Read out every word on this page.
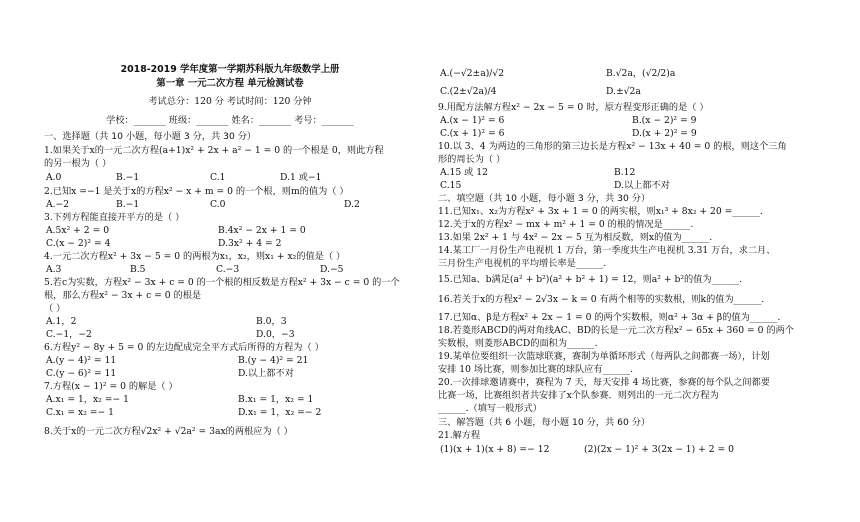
2018-2019 学年度第一学期苏科版九年级数学上册
第一章 一元二次方程 单元检测试卷
考试总分：120 分 考试时间：120 分钟
学校：_______ 班级：_______ 姓名：_______ 考号：_______
一、选择题（共 10 小题，每小题 3 分，共 30 分）
1.如果关于x的一元二次方程(a+1)x² + 2x + a² − 1 = 0 的一个根是 0，则此方程
的另一根为（ ）
A.0	B.−1	C.1	D.1 或−1
2.已知x =−1 是关于x的方程x² − x + m = 0 的一个根，则m的值为（ ）
A.−2	B.−1	C.0	D.2
3.下列方程能直接开平方的是（ ）
A.5x² + 2 = 0	B.4x² − 2x + 1 = 0
C.(x − 2)² = 4	D.3x² + 4 = 2
4.一元二次方程x² + 3x − 5 = 0 的两根为x₁，x₂，则x₁ + x₂的值是（ ）
A.3	B.5	C.−3	D.−5
5.若c为实数，方程x² − 3x + c = 0 的一个根的相反数是方程x² + 3x − c = 0 的一个
根，那么方程x² − 3x + c = 0 的根是
（ ）
A.1，2	B.0，3
C.−1，−2	D.0，−3
6.方程y² − 8y + 5 = 0 的左边配成完全平方式后所得的方程为（ ）
A.(y − 4)² = 11	B.(y − 4)² = 21
C.(y − 6)² = 11	D.以上都不对
7.方程(x − 1)² = 0 的解是（ ）
A.x₁ = 1，x₂ =− 1	B.x₁ = 1，x₂ = 1
C.x₁ = x₂ =− 1	D.x₁ = 1，x₂ =− 2
8.关于x的一元二次方程√2x² + √2a² = 3ax的两根应为（ ）
A.(−√2±a)/√2	B.√2a，(√2/2)a
C.(2±√2a)/4	D.±√2a
9.用配方法解方程x² − 2x − 5 = 0 时，原方程变形正确的是（ ）
A.(x − 1)² = 6	B.(x − 2)² = 9
C.(x + 1)² = 6	D.(x + 2)² = 9
10.以 3、4 为两边的三角形的第三边长是方程x² − 13x + 40 = 0 的根，则这个三角
形的周长为（ ）
A.15 或 12	B.12
C.15	D.以上都不对
二、填空题（共 10 小题，每小题 3 分，共 30 分）
11.已知x₁、x₂为方程x² + 3x + 1 = 0 的两实根，则x₁³ + 8x₂ + 20 =______.
12.关于x的方程x² − mx + m² + 1 = 0 的根的情况是______.
13.如果 2x² + 1 与 4x² − 2x − 5 互为相反数，则x的值为______.
14.某工厂一月份生产电视机 1 万台，第一季度共生产电视机 3.31 万台，求二月、
三月份生产电视机的平均增长率是______.
15.已知a、b满足(a² + b²)(a² + b² + 1) = 12，则a² + b²的值为______.
16.若关于x的方程x² − 2√3x − k = 0 有两个相等的实数根，则k的值为______.
17.已知α、β是方程x² + 2x − 1 = 0 的两个实数根，则α² + 3α + β的值为______.
18.若菱形ABCD的两对角线AC、BD的长是一元二次方程x² − 65x + 360 = 0 的两个
实数根，则菱形ABCD的面积为______.
19.某单位要组织一次篮球联赛，赛制为单循环形式（每两队之间都赛一场），计划
安排 10 场比赛，则参加比赛的球队应有______.
20.一次排球邀请赛中，赛程为 7 天，每天安排 4 场比赛，参赛的每个队之间都要
比赛一场，比赛组织者共安排了x个队参赛．则列出的一元二次方程为
______.（填写一般形式）
三、解答题（共 6 小题，每小题 10 分，共 60 分）
21.解方程
(1)(x + 1)(x + 8) =− 12	(2)(2x − 1)² + 3(2x − 1) + 2 = 0
